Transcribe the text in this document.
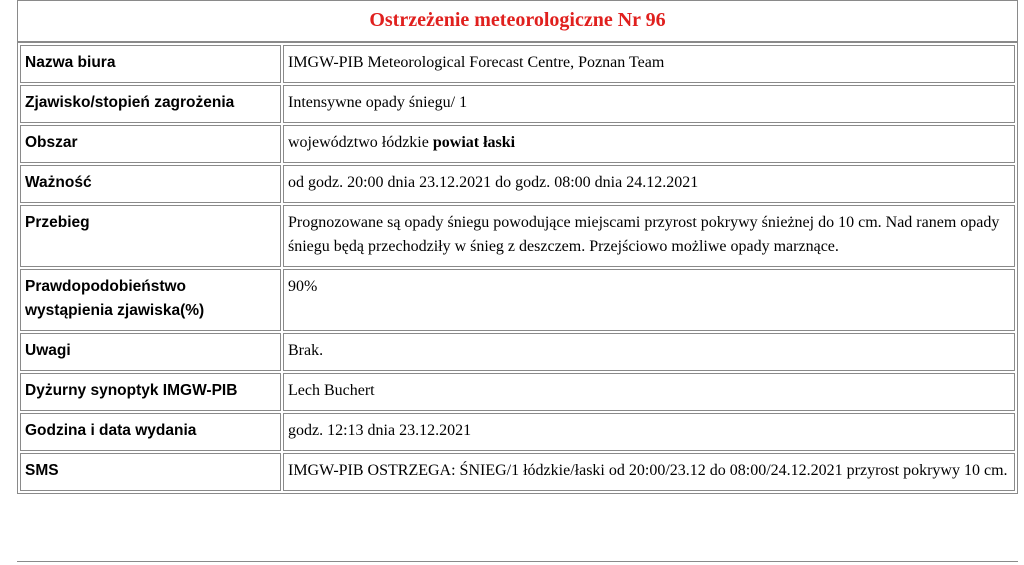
Ostrzeżenie meteorologiczne Nr 96
Nazwa biura	IMGW-PIB Meteorological Forecast Centre, Poznan Team
Zjawisko/stopień zagrożenia	Intensywne opady śniegu/ 1
Obszar	województwo łódzkie powiat łaski
Ważność	od godz. 20:00 dnia 23.12.2021 do godz. 08:00 dnia 24.12.2021
Przebieg	Prognozowane są opady śniegu powodujące miejscami przyrost pokrywy śnieżnej do 10 cm. Nad ranem opady śniegu będą przechodziły w śnieg z deszczem. Przejściowo możliwe opady marznące.
Prawdopodobieństwo wystąpienia zjawiska(%)	90%
Uwagi	Brak.
Dyżurny synoptyk IMGW-PIB	Lech Buchert
Godzina i data wydania	godz. 12:13 dnia 23.12.2021
SMS	IMGW-PIB OSTRZEGA: ŚNIEG/1 łódzkie/łaski od 20:00/23.12 do 08:00/24.12.2021 przyrost pokrywy 10 cm.
